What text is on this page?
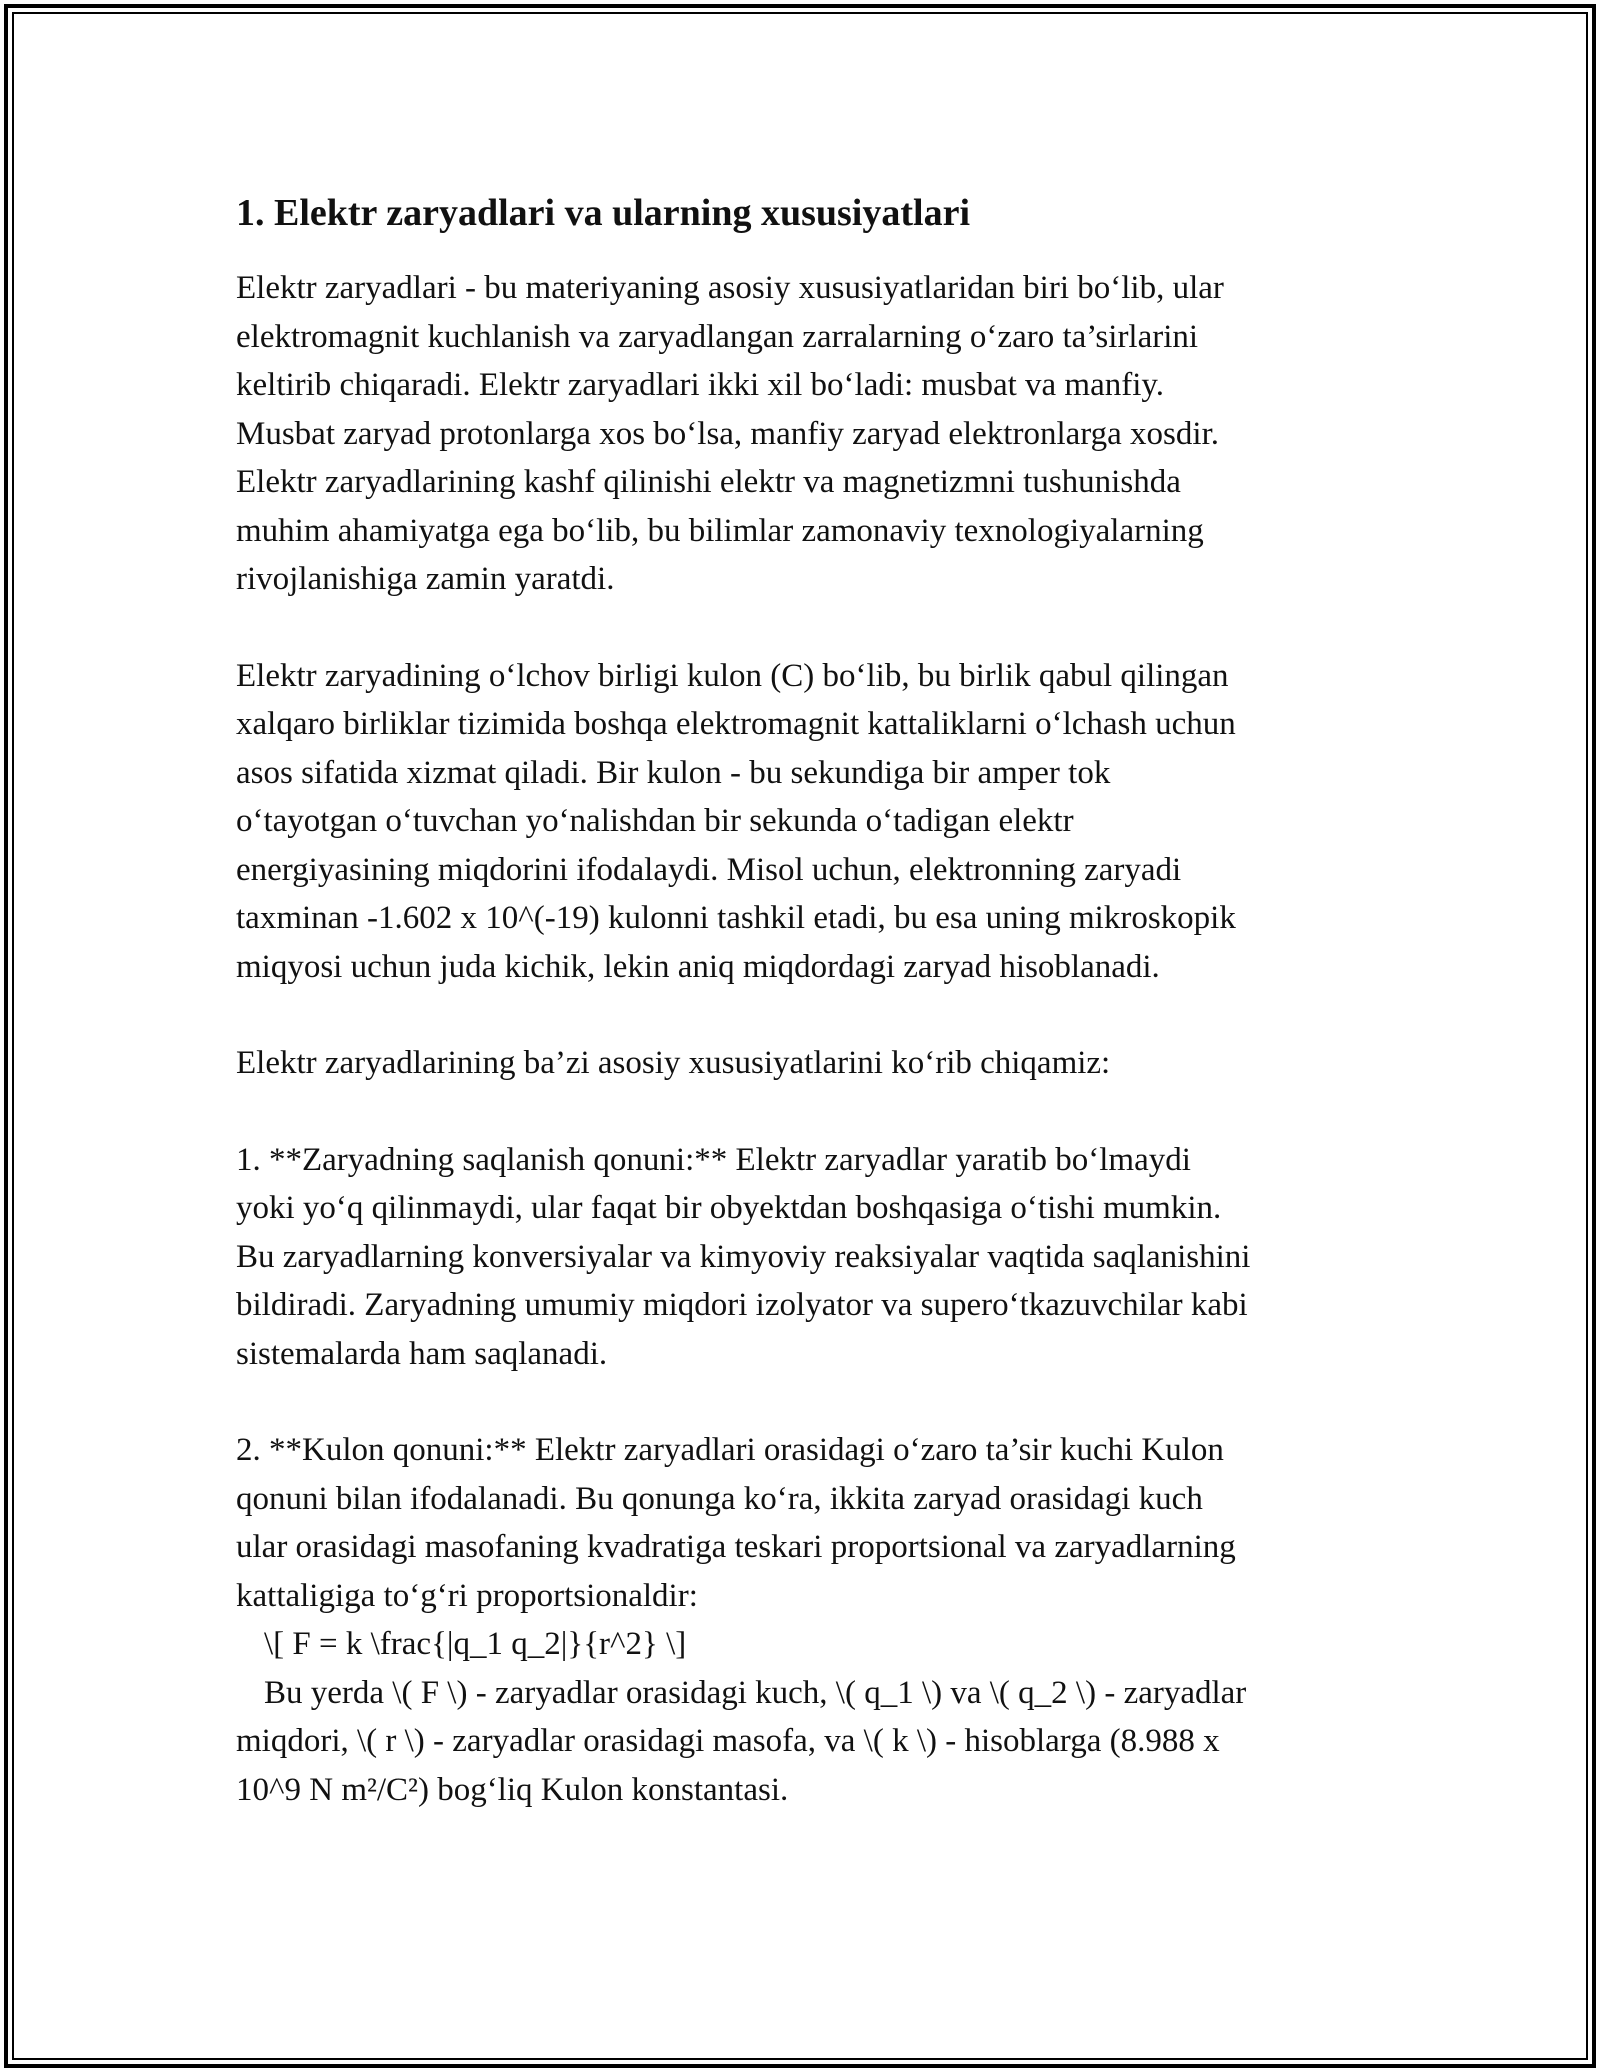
1. Elektr zaryadlari va ularning xususiyatlari

Elektr zaryadlari - bu materiyaning asosiy xususiyatlaridan biri bo‘lib, ular
elektromagnit kuchlanish va zaryadlangan zarralarning o‘zaro ta’sirlarini
keltirib chiqaradi. Elektr zaryadlari ikki xil bo‘ladi: musbat va manfiy.
Musbat zaryad protonlarga xos bo‘lsa, manfiy zaryad elektronlarga xosdir.
Elektr zaryadlarining kashf qilinishi elektr va magnetizmni tushunishda
muhim ahamiyatga ega bo‘lib, bu bilimlar zamonaviy texnologiyalarning
rivojlanishiga zamin yaratdi.

Elektr zaryadining o‘lchov birligi kulon (C) bo‘lib, bu birlik qabul qilingan
xalqaro birliklar tizimida boshqa elektromagnit kattaliklarni o‘lchash uchun
asos sifatida xizmat qiladi. Bir kulon - bu sekundiga bir amper tok
o‘tayotgan o‘tuvchan yo‘nalishdan bir sekunda o‘tadigan elektr
energiyasining miqdorini ifodalaydi. Misol uchun, elektronning zaryadi
taxminan -1.602 x 10^(-19) kulonni tashkil etadi, bu esa uning mikroskopik
miqyosi uchun juda kichik, lekin aniq miqdordagi zaryad hisoblanadi.

Elektr zaryadlarining ba’zi asosiy xususiyatlarini ko‘rib chiqamiz:

1. **Zaryadning saqlanish qonuni:** Elektr zaryadlar yaratib bo‘lmaydi
yoki yo‘q qilinmaydi, ular faqat bir obyektdan boshqasiga o‘tishi mumkin.
Bu zaryadlarning konversiyalar va kimyoviy reaksiyalar vaqtida saqlanishini
bildiradi. Zaryadning umumiy miqdori izolyator va supero‘tkazuvchilar kabi
sistemalarda ham saqlanadi.

2. **Kulon qonuni:** Elektr zaryadlari orasidagi o‘zaro ta’sir kuchi Kulon
qonuni bilan ifodalanadi. Bu qonunga ko‘ra, ikkita zaryad orasidagi kuch
ular orasidagi masofaning kvadratiga teskari proportsional va zaryadlarning
kattaligiga to‘g‘ri proportsionaldir:
\[ F = k \frac{|q_1 q_2|}{r^2} \]
Bu yerda \( F \) - zaryadlar orasidagi kuch, \( q_1 \) va \( q_2 \) - zaryadlar
miqdori, \( r \) - zaryadlar orasidagi masofa, va \( k \) - hisoblarga (8.988 x
10^9 N m²/C²) bog‘liq Kulon konstantasi.
